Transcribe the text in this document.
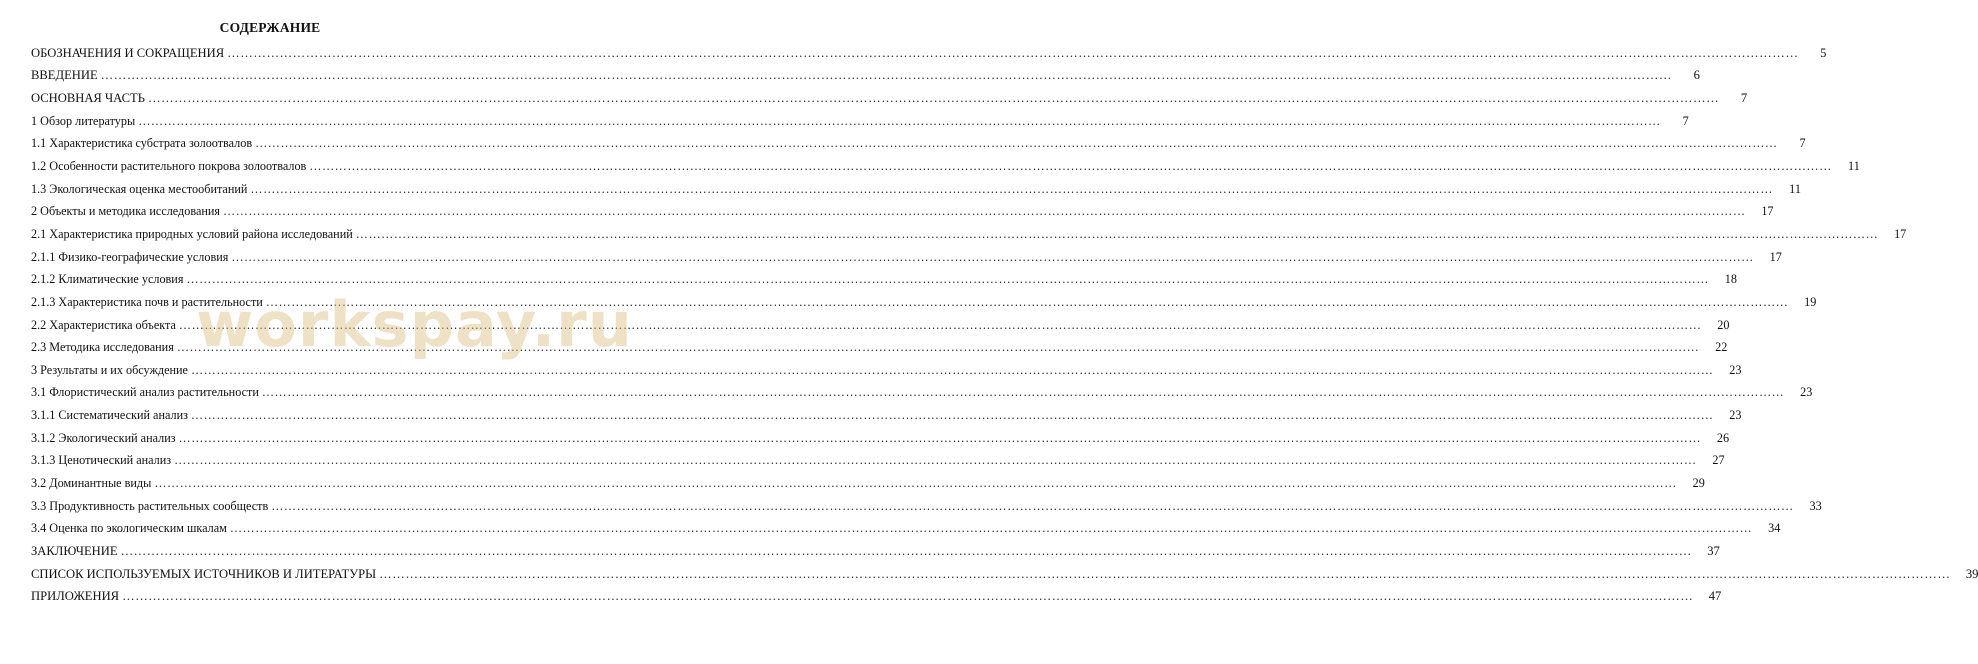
СОДЕРЖАНИЕ
ОБОЗНАЧЕНИЯ И СОКРАЩЕНИЯ ………………………………………………………………………………………………………………………………………………………………………………………………………………………………………………………………………………………………………………………………	5
ВВЕДЕНИЕ ………………………………………………………………………………………………………………………………………………………………………………………………………………………………………………………………………………………………………………………………	6
ОСНОВНАЯ ЧАСТЬ ………………………………………………………………………………………………………………………………………………………………………………………………………………………………………………………………………………………………………………………………	7
1 Обзор литературы ………………………………………………………………………………………………………………………………………………………………………………………………………………………………………………………………………………………………………………………………	7
1.1 Характеристика субстрата золоотвалов ………………………………………………………………………………………………………………………………………………………………………………………………………………………………………………………………………………………………………………………………	7
1.2 Особенности растительного покрова золоотвалов ………………………………………………………………………………………………………………………………………………………………………………………………………………………………………………………………………………………………………………………………	11
1.3 Экологическая оценка местообитаний ………………………………………………………………………………………………………………………………………………………………………………………………………………………………………………………………………………………………………………………………	11
2 Объекты и методика исследования ………………………………………………………………………………………………………………………………………………………………………………………………………………………………………………………………………………………………………………………………	17
2.1 Характеристика природных условий района исследований ………………………………………………………………………………………………………………………………………………………………………………………………………………………………………………………………………………………………………………………………	17
2.1.1 Физико-географические условия ………………………………………………………………………………………………………………………………………………………………………………………………………………………………………………………………………………………………………………………………	17
2.1.2 Климатические условия ………………………………………………………………………………………………………………………………………………………………………………………………………………………………………………………………………………………………………………………………	18
2.1.3 Характеристика почв и растительности ………………………………………………………………………………………………………………………………………………………………………………………………………………………………………………………………………………………………………………………………	19
2.2 Характеристика объекта ………………………………………………………………………………………………………………………………………………………………………………………………………………………………………………………………………………………………………………………………	20
2.3 Методика исследования ………………………………………………………………………………………………………………………………………………………………………………………………………………………………………………………………………………………………………………………………	22
3 Результаты и их обсуждение ………………………………………………………………………………………………………………………………………………………………………………………………………………………………………………………………………………………………………………………………	23
3.1 Флористический анализ растительности ………………………………………………………………………………………………………………………………………………………………………………………………………………………………………………………………………………………………………………………………	23
3.1.1 Систематический анализ ………………………………………………………………………………………………………………………………………………………………………………………………………………………………………………………………………………………………………………………………	23
3.1.2 Экологический анализ ………………………………………………………………………………………………………………………………………………………………………………………………………………………………………………………………………………………………………………………………	26
3.1.3 Ценотический анализ ………………………………………………………………………………………………………………………………………………………………………………………………………………………………………………………………………………………………………………………………	27
3.2 Доминантные виды ………………………………………………………………………………………………………………………………………………………………………………………………………………………………………………………………………………………………………………………………	29
3.3 Продуктивность растительных сообществ ………………………………………………………………………………………………………………………………………………………………………………………………………………………………………………………………………………………………………………………………	33
3.4 Оценка по экологическим шкалам ………………………………………………………………………………………………………………………………………………………………………………………………………………………………………………………………………………………………………………………………	34
ЗАКЛЮЧЕНИЕ ………………………………………………………………………………………………………………………………………………………………………………………………………………………………………………………………………………………………………………………………	37
СПИСОК ИСПОЛЬЗУЕМЫХ ИСТОЧНИКОВ И ЛИТЕРАТУРЫ ………………………………………………………………………………………………………………………………………………………………………………………………………………………………………………………………………………………………………………………………	39
ПРИЛОЖЕНИЯ ………………………………………………………………………………………………………………………………………………………………………………………………………………………………………………………………………………………………………………………………	47
workspay.ru
